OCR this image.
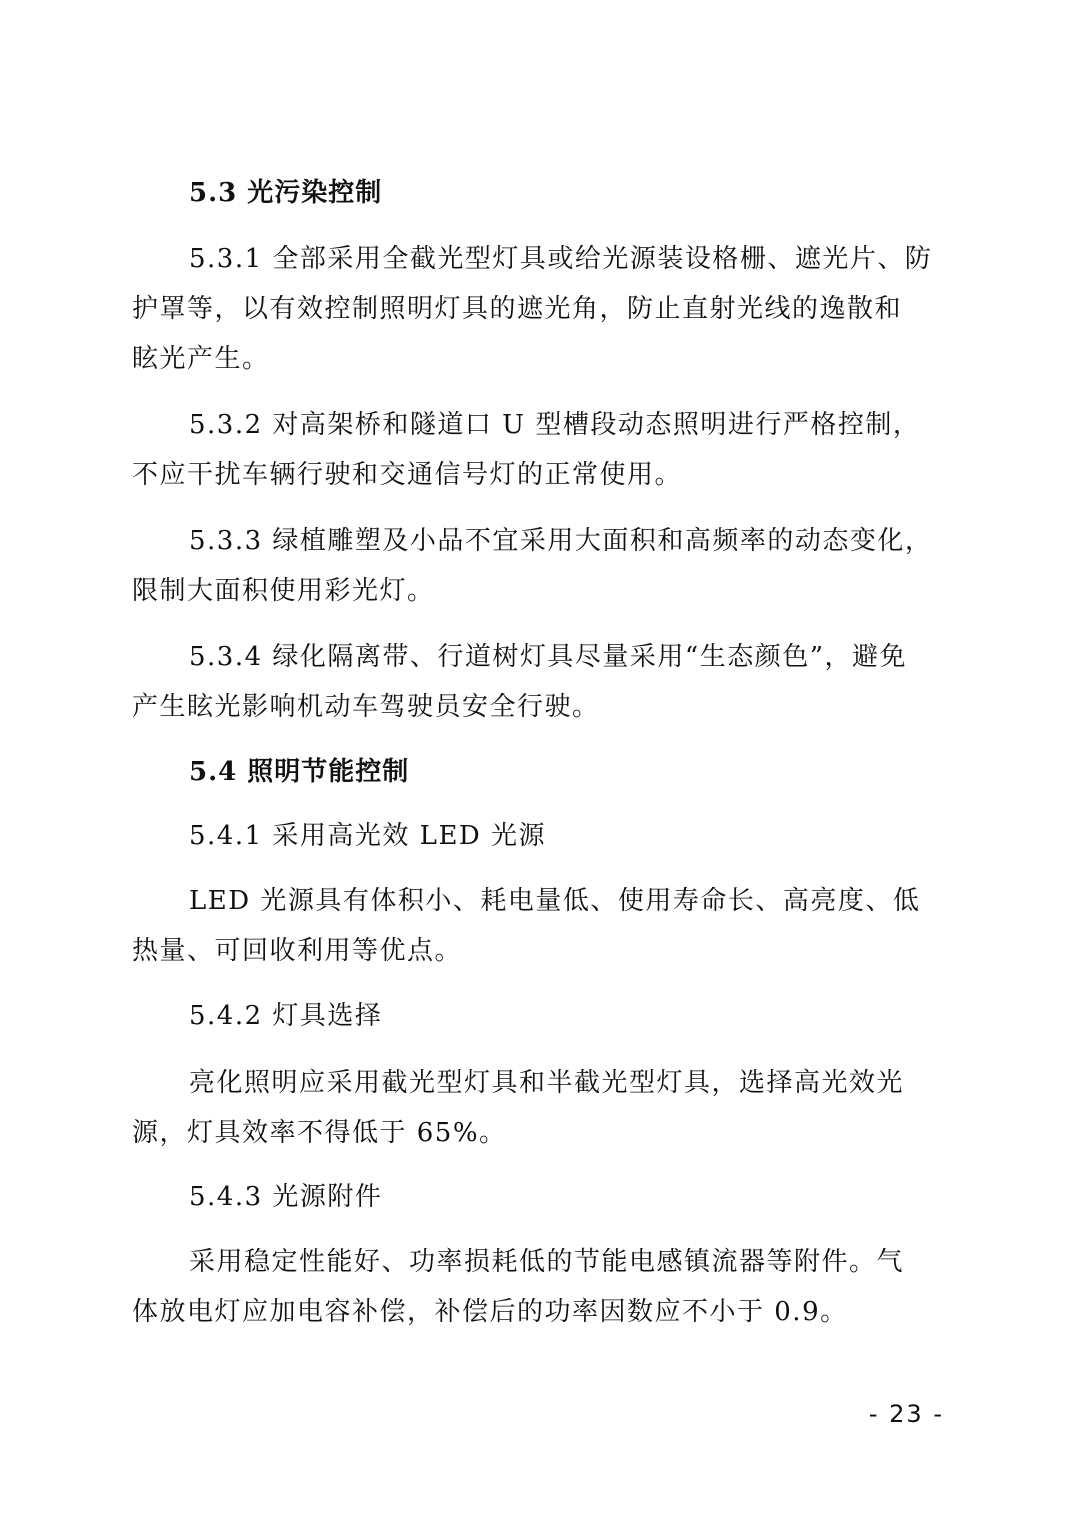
5.3 光污染控制
5.3.1 全部采用全截光型灯具或给光源装设格栅、遮光片、防
护罩等，以有效控制照明灯具的遮光角，防止直射光线的逸散和
眩光产生。
5.3.2 对高架桥和隧道口 U 型槽段动态照明进行严格控制，
不应干扰车辆行驶和交通信号灯的正常使用。
5.3.3 绿植雕塑及小品不宜采用大面积和高频率的动态变化，
限制大面积使用彩光灯。
5.3.4 绿化隔离带、行道树灯具尽量采用“生态颜色”，避免
产生眩光影响机动车驾驶员安全行驶。
5.4 照明节能控制
5.4.1 采用高光效 LED 光源
LED 光源具有体积小、耗电量低、使用寿命长、高亮度、低
热量、可回收利用等优点。
5.4.2 灯具选择
亮化照明应采用截光型灯具和半截光型灯具，选择高光效光
源，灯具效率不得低于 65%。
5.4.3 光源附件
采用稳定性能好、功率损耗低的节能电感镇流器等附件。气
体放电灯应加电容补偿，补偿后的功率因数应不小于 0.9。
- 23 -
